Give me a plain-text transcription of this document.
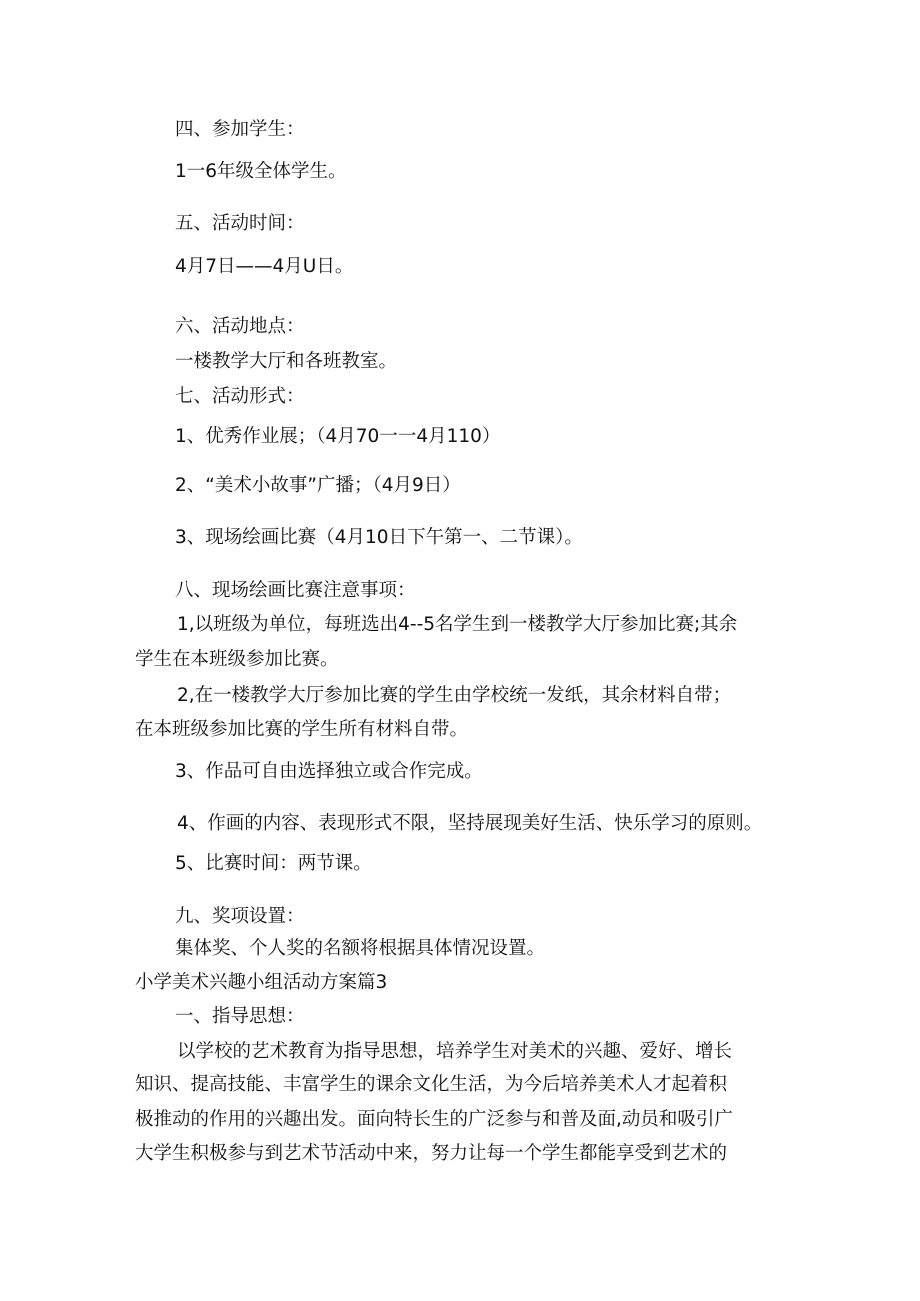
四、参加学生：

1一6年级全体学生。

五、活动时间：

4月7日——4月U日。

六、活动地点：

一楼教学大厅和各班教室。

七、活动形式：

1、优秀作业展；（4月70一一4月110）

2、“美术小故事”广播；（4月9日）

3、现场绘画比赛（4月10日下午第一、二节课）。

八、现场绘画比赛注意事项：

1,以班级为单位，每班选出4--5名学生到一楼教学大厅参加比赛;其余

学生在本班级参加比赛。

2,在一楼教学大厅参加比赛的学生由学校统一发纸，其余材料自带；

在本班级参加比赛的学生所有材料自带。

3、作品可自由选择独立或合作完成。

4、作画的内容、表现形式不限，坚持展现美好生活、快乐学习的原则。

5、比赛时间：两节课。

九、奖项设置：

集体奖、个人奖的名额将根据具体情况设置。

小学美术兴趣小组活动方案篇3

一、指导思想：

以学校的艺术教育为指导思想，培养学生对美术的兴趣、爱好、增长

知识、提高技能、丰富学生的课余文化生活，为今后培养美术人才起着积

极推动的作用的兴趣出发。面向特长生的广泛参与和普及面,动员和吸引广

大学生积极参与到艺术节活动中来，努力让每一个学生都能享受到艺术的
